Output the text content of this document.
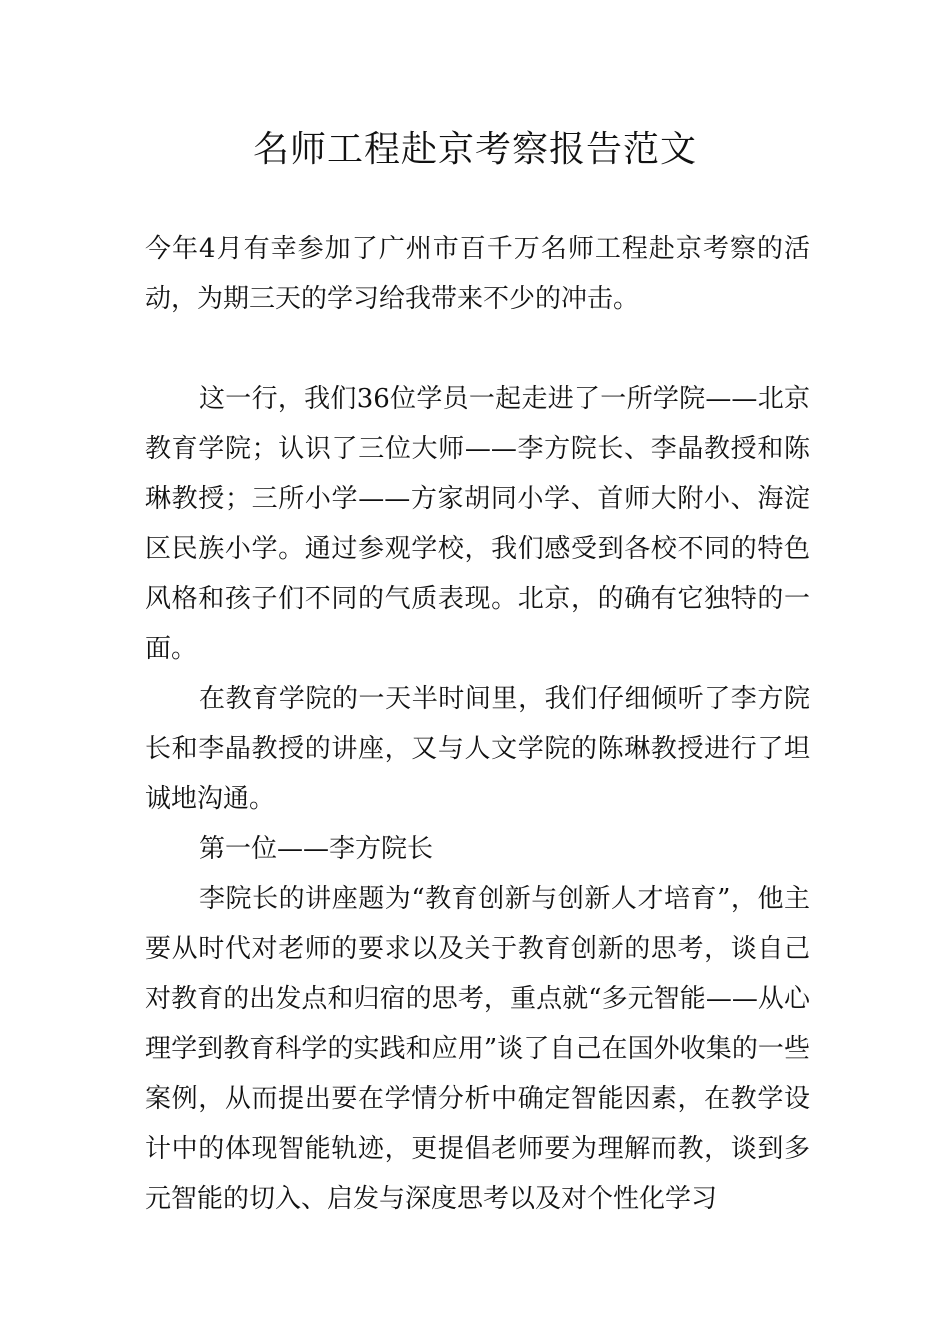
名师工程赴京考察报告范文

今年4月有幸参加了广州市百千万名师工程赴京考察的活动，为期三天的学习给我带来不少的冲击。

这一行，我们36位学员一起走进了一所学院——北京教育学院；认识了三位大师——李方院长、李晶教授和陈琳教授；三所小学——方家胡同小学、首师大附小、海淀区民族小学。通过参观学校，我们感受到各校不同的特色风格和孩子们不同的气质表现。北京，的确有它独特的一面。

在教育学院的一天半时间里，我们仔细倾听了李方院长和李晶教授的讲座，又与人文学院的陈琳教授进行了坦诚地沟通。

第一位——李方院长

李院长的讲座题为“教育创新与创新人才培育”，他主要从时代对老师的要求以及关于教育创新的思考，谈自己对教育的出发点和归宿的思考，重点就“多元智能——从心理学到教育科学的实践和应用”谈了自己在国外收集的一些案例，从而提出要在学情分析中确定智能因素，在教学设计中的体现智能轨迹，更提倡老师要为理解而教，谈到多元智能的切入、启发与深度思考以及对个性化学习
